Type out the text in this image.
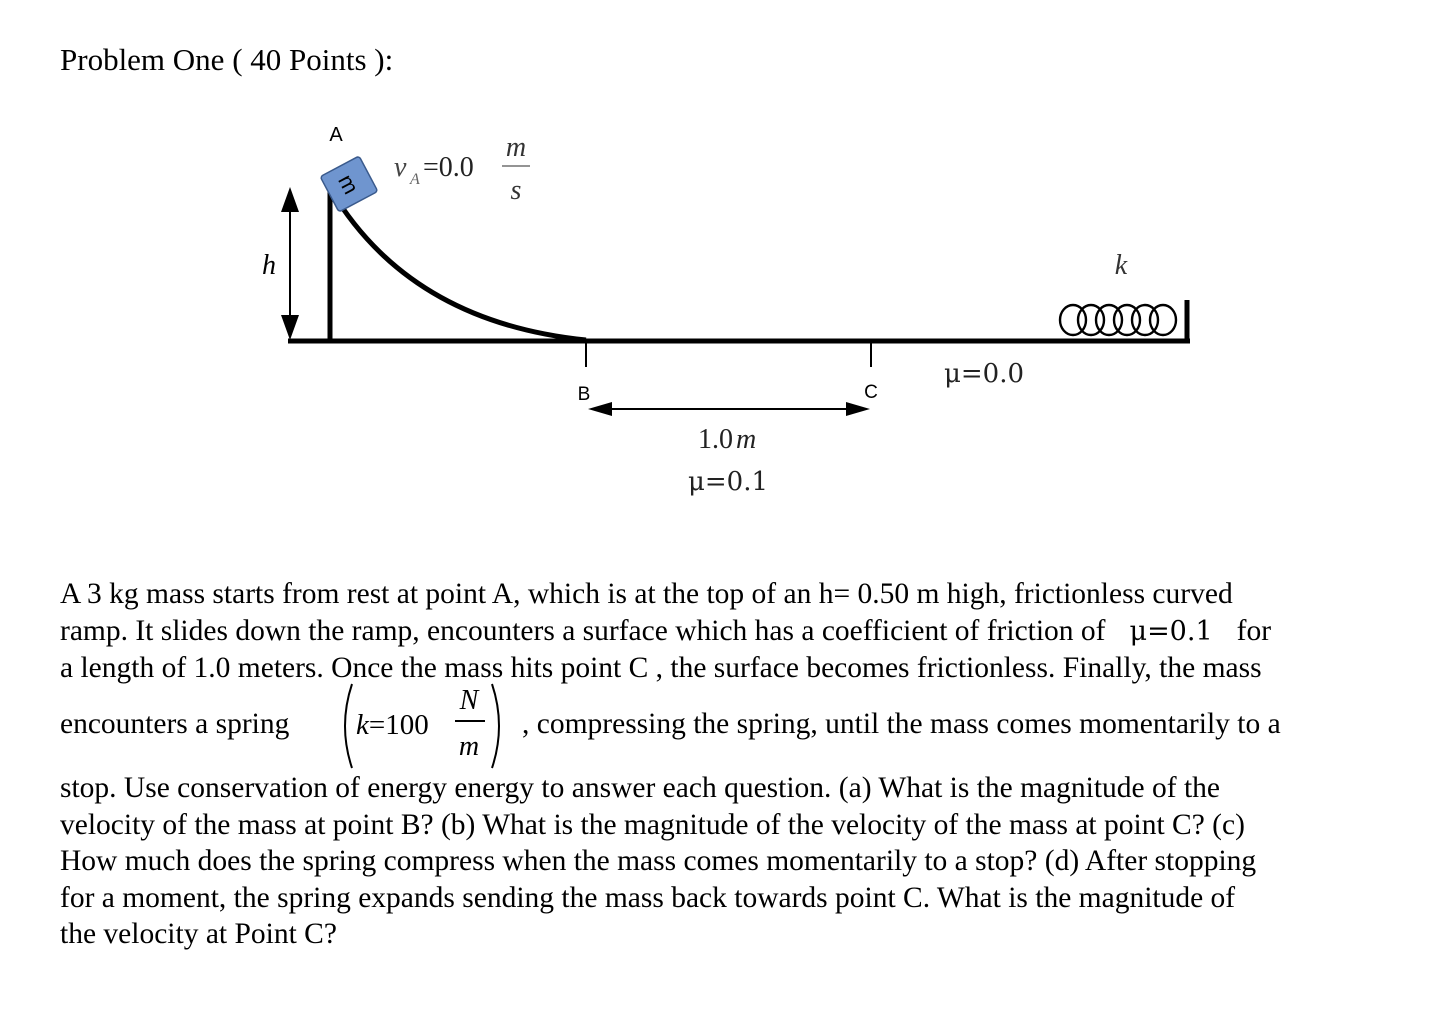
Problem One ( 40 Points ):
h
m
A
v A =0.0
m
s
B	C
1.0 m
μ=0.1
μ=0.0
k
A 3 kg mass starts from rest at point A, which is at the top of an h= 0.50 m high, frictionless curved
ramp. It slides down the ramp, encounters a surface which has a coefficient of friction of μ=0.1 for
a length of 1.0 meters. Once the mass hits point C , the surface becomes frictionless. Finally, the mass
encounters a spring k=100
N
m
, compressing the spring, until the mass comes momentarily to a
stop. Use conservation of energy energy to answer each question. (a) What is the magnitude of the
velocity of the mass at point B? (b) What is the magnitude of the velocity of the mass at point C? (c)
How much does the spring compress when the mass comes momentarily to a stop? (d) After stopping
for a moment, the spring expands sending the mass back towards point C. What is the magnitude of
the velocity at Point C?
